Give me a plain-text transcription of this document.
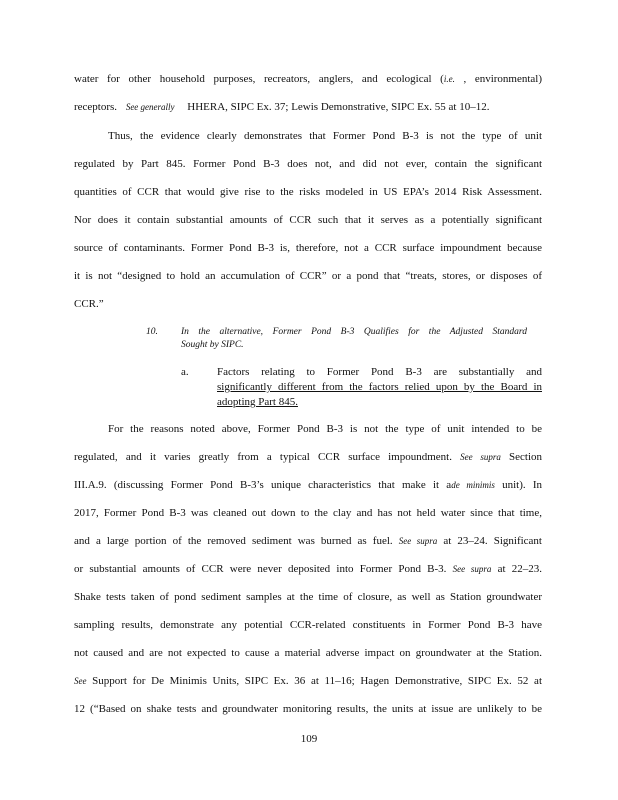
water for other household purposes, recreators, anglers, and ecological (i.e. , environmental)
receptors. See generally HHERA, SIPC Ex. 37; Lewis Demonstrative, SIPC Ex. 55 at 10–12.
Thus, the evidence clearly demonstrates that Former Pond B-3 is not the type of unit
regulated by Part 845. Former Pond B-3 does not, and did not ever, contain the significant
quantities of CCR that would give rise to the risks modeled in US EPA’s 2014 Risk Assessment.
Nor does it contain substantial amounts of CCR such that it serves as a potentially significant
source of contaminants. Former Pond B-3 is, therefore, not a CCR surface impoundment because
it is not “designed to hold an accumulation of CCR” or a pond that “treats, stores, or disposes of
CCR.”
10. In the alternative, Former Pond B-3 Qualifies for the Adjusted Standard
Sought by SIPC.
a.	Factors relating to Former Pond B-3 are substantially and
significantly different from the factors relied upon by the Board in
adopting Part 845.
For the reasons noted above, Former Pond B-3 is not the type of unit intended to be
regulated, and it varies greatly from a typical CCR surface impoundment. See supra Section
III.A.9. (discussing Former Pond B-3’s unique characteristics that make it ade minimis unit). In
2017, Former Pond B-3 was cleaned out down to the clay and has not held water since that time,
and a large portion of the removed sediment was burned as fuel. See supra at 23–24. Significant
or substantial amounts of CCR were never deposited into Former Pond B-3. See supra at 22–23.
Shake tests taken of pond sediment samples at the time of closure, as well as Station groundwater
sampling results, demonstrate any potential CCR-related constituents in Former Pond B-3 have
not caused and are not expected to cause a material adverse impact on groundwater at the Station.
See Support for De Minimis Units, SIPC Ex. 36 at 11–16; Hagen Demonstrative, SIPC Ex. 52 at
12 (“Based on shake tests and groundwater monitoring results, the units at issue are unlikely to be
109
